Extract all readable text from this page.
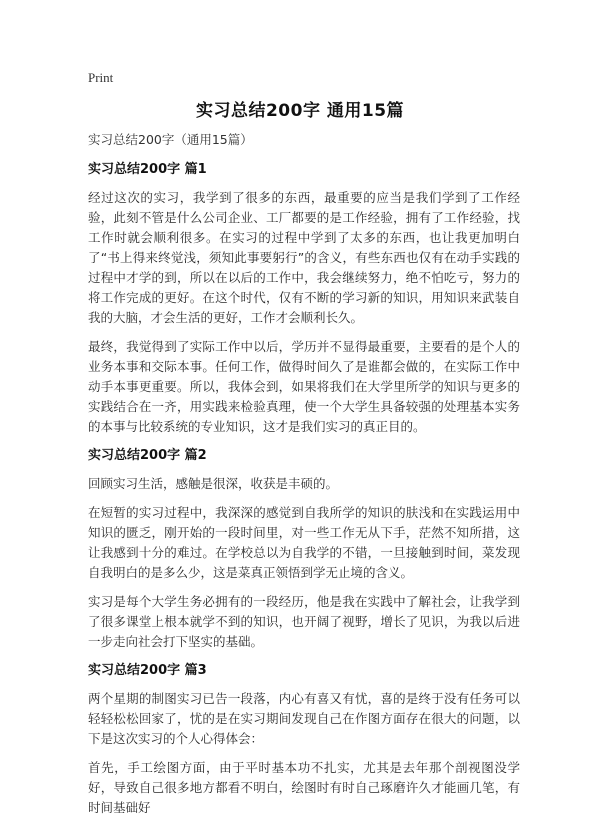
Print
实习总结200字 通用15篇
实习总结200字（通用15篇）
实习总结200字 篇1

经过这次的实习，我学到了很多的东西，最重要的应当是我们学到了工作经验，此刻不管是什么公司企业、工厂都要的是工作经验，拥有了工作经验，找工作时就会顺利很多。在实习的过程中学到了太多的东西，也让我更加明白了“书上得来终觉浅，须知此事要躬行”的含义，有些东西也仅有在动手实践的过程中才学的到，所以在以后的工作中，我会继续努力，绝不怕吃亏，努力的将工作完成的更好。在这个时代，仅有不断的学习新的知识，用知识来武装自我的大脑，才会生活的更好，工作才会顺利长久。

最终，我觉得到了实际工作中以后，学历并不显得最重要，主要看的是个人的业务本事和交际本事。任何工作，做得时间久了是谁都会做的，在实际工作中动手本事更重要。所以，我体会到，如果将我们在大学里所学的知识与更多的实践结合在一齐，用实践来检验真理，使一个大学生具备较强的处理基本实务的本事与比较系统的专业知识，这才是我们实习的真正目的。

实习总结200字 篇2

回顾实习生活，感触是很深，收获是丰硕的。

在短暂的实习过程中，我深深的感觉到自我所学的知识的肤浅和在实践运用中知识的匮乏，刚开始的一段时间里，对一些工作无从下手，茫然不知所措，这让我感到十分的难过。在学校总以为自我学的不错，一旦接触到时间，菜发现自我明白的是多么少，这是菜真正领悟到学无止境的含义。

实习是每个大学生务必拥有的一段经历，他是我在实践中了解社会，让我学到了很多课堂上根本就学不到的知识，也开阔了视野，增长了见识，为我以后进一步走向社会打下坚实的基础。

实习总结200字 篇3

两个星期的制图实习已告一段落，内心有喜又有忧，喜的是终于没有任务可以轻轻松松回家了，忧的是在实习期间发现自己在作图方面存在很大的问题，以下是这次实习的个人心得体会：

首先，手工绘图方面，由于平时基本功不扎实，尤其是去年那个剖视图没学好，导致自己很多地方都看不明白，绘图时有时自己琢磨许久才能画几笔，有时间基础好
